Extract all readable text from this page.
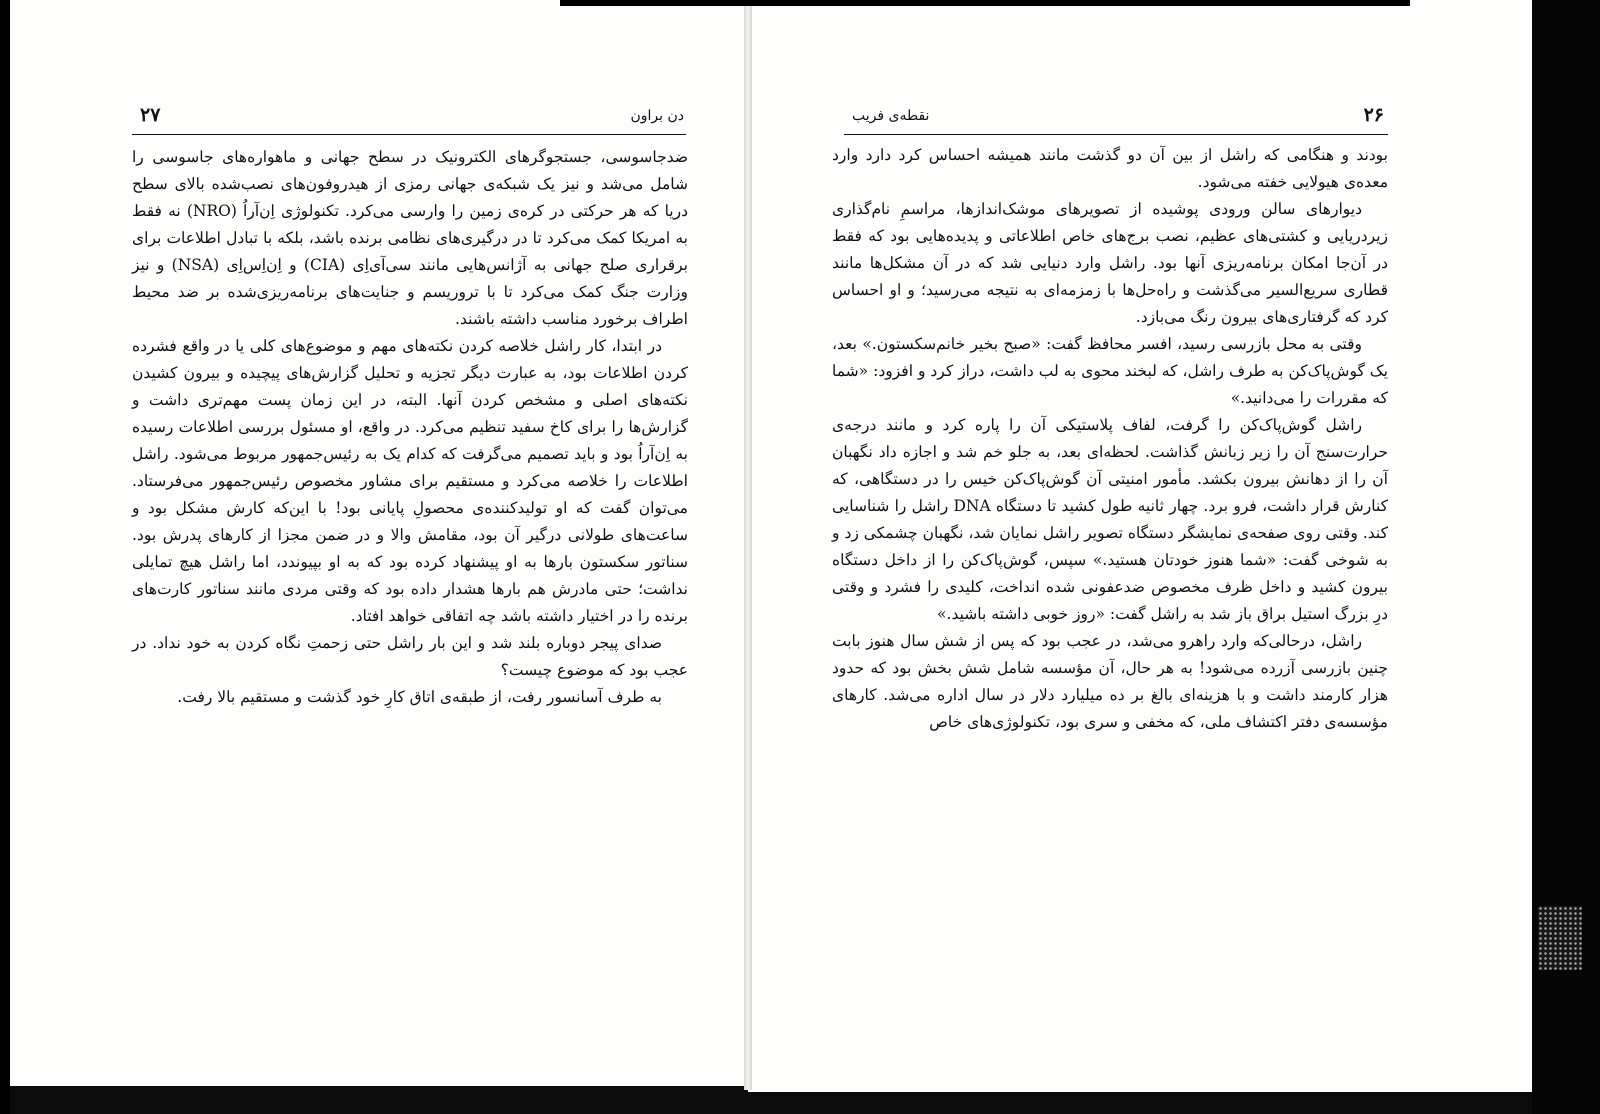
۲۷	دن براون

ضدجاسوسی، جستجوگرهای الکترونیک در سطح جهانی و ماهواره‌های جاسوسی را شامل می‌شد و نیز یک شبکه‌ی جهانی رمزی از هیدروفون‌های نصب‌شده بالای سطح دریا که هر حرکتی در کره‌ی زمین را وارسی می‌کرد. تکنولوژی اِن‌آراُ (NRO) نه فقط به امریکا کمک می‌کرد تا در درگیری‌های نظامی برنده باشد، بلکه با تبادل اطلاعات برای برقراری صلح جهانی به آژانس‌هایی مانند سی‌آی‌اِی (CIA) و اِن‌اِس‌اِی (NSA) و نیز وزارت جنگ کمک می‌کرد تا با تروریسم و جنایت‌های برنامه‌ریزی‌شده بر ضد محیط اطراف برخورد مناسب داشته باشند.

در ابتدا، کار راشل خلاصه کردن نکته‌های مهم و موضوع‌های کلی یا در واقع فشرده کردن اطلاعات بود، به عبارت دیگر تجزیه و تحلیل گزارش‌های پیچیده و بیرون کشیدن نکته‌های اصلی و مشخص کردن آنها. البته، در این زمان پست مهم‌تری داشت و گزارش‌ها را برای کاخ سفید تنظیم می‌کرد. در واقع، او مسئول بررسی اطلاعات رسیده به اِن‌آراُ بود و باید تصمیم می‌گرفت که کدام یک به رئیس‌جمهور مربوط می‌شود. راشل اطلاعات را خلاصه می‌کرد و مستقیم برای مشاور مخصوص رئیس‌جمهور می‌فرستاد. می‌توان گفت که او تولیدکننده‌ی محصولِ پایانی بود! با این‌که کارش مشکل بود و ساعت‌های طولانی درگیر آن بود، مقامش والا و در ضمن مجزا از کارهای پدرش بود. سناتور سکستون بارها به او پیشنهاد کرده بود که به او بپیوندد، اما راشل هیچ تمایلی نداشت؛ حتی مادرش هم بارها هشدار داده بود که وقتی مردی مانند سناتور کارت‌های برنده را در اختیار داشته باشد چه اتفاقی خواهد افتاد.

صدای پیجر دوباره بلند شد و این بار راشل حتی زحمتِ نگاه کردن به خود نداد. در عجب بود که موضوع چیست؟

به طرف آسانسور رفت، از طبقه‌ی اتاق کارِ خود گذشت و مستقیم بالا رفت.

۲۶
نقطه‌ی فریب

بودند و هنگامی که راشل از بین آن دو گذشت مانند همیشه احساس کرد دارد وارد معده‌ی هیولایی خفته می‌شود.

دیوارهای سالن ورودی پوشیده از تصویرهای موشک‌اندازها، مراسمِ نام‌گذاری زیردریایی و کشتی‌های عظیم، نصب برج‌های خاص اطلاعاتی و پدیده‌هایی بود که فقط در آن‌جا امکان برنامه‌ریزی آنها بود. راشل وارد دنیایی شد که در آن مشکل‌ها مانند قطاری سریع‌السیر می‌گذشت و راه‌حل‌ها با زمزمه‌ای به نتیجه می‌رسید؛ و او احساس کرد که گرفتاری‌های بیرون رنگ می‌بازد.

وقتی به محل بازرسی رسید، افسر محافظ گفت: «صبح بخیر خانم‌سکستون.» بعد، یک گوش‌پاک‌کن به طرف راشل، که لبخند محوی به لب داشت، دراز کرد و افزود: «شما که مقررات را می‌دانید.»

راشل گوش‌پاک‌کن را گرفت، لفاف پلاستیکی آن را پاره کرد و مانند درجه‌ی حرارت‌سنج آن را زیر زبانش گذاشت. لحظه‌ای بعد، به جلو خم شد و اجازه داد نگهبان آن را از دهانش بیرون بکشد. مأمور امنیتی آن گوش‌پاک‌کن خیس را در دستگاهی، که کنارش قرار داشت، فرو برد. چهار ثانیه طول کشید تا دستگاه DNA راشل را شناسایی کند. وقتی روی صفحه‌ی نمایشگر دستگاه تصویر راشل نمایان شد، نگهبان چشمکی زد و به شوخی گفت: «شما هنوز خودتان هستید.» سپس، گوش‌پاک‌کن را از داخل دستگاه بیرون کشید و داخل ظرف مخصوص ضدعفونی شده انداخت، کلیدی را فشرد و وقتی درِ بزرگ استیل براق باز شد به راشل گفت: «روز خوبی داشته باشید.»

راشل، درحالی‌که وارد راهرو می‌شد، در عجب بود که پس از شش سال هنوز بابت چنین بازرسی آزرده می‌شود! به هر حال، آن مؤسسه شامل شش بخش بود که حدود هزار کارمند داشت و با هزینه‌ای بالغ بر ده میلیارد دلار در سال اداره می‌شد. کارهای مؤسسه‌ی دفتر اکتشاف ملی، که مخفی و سری بود، تکنولوژی‌های خاص
